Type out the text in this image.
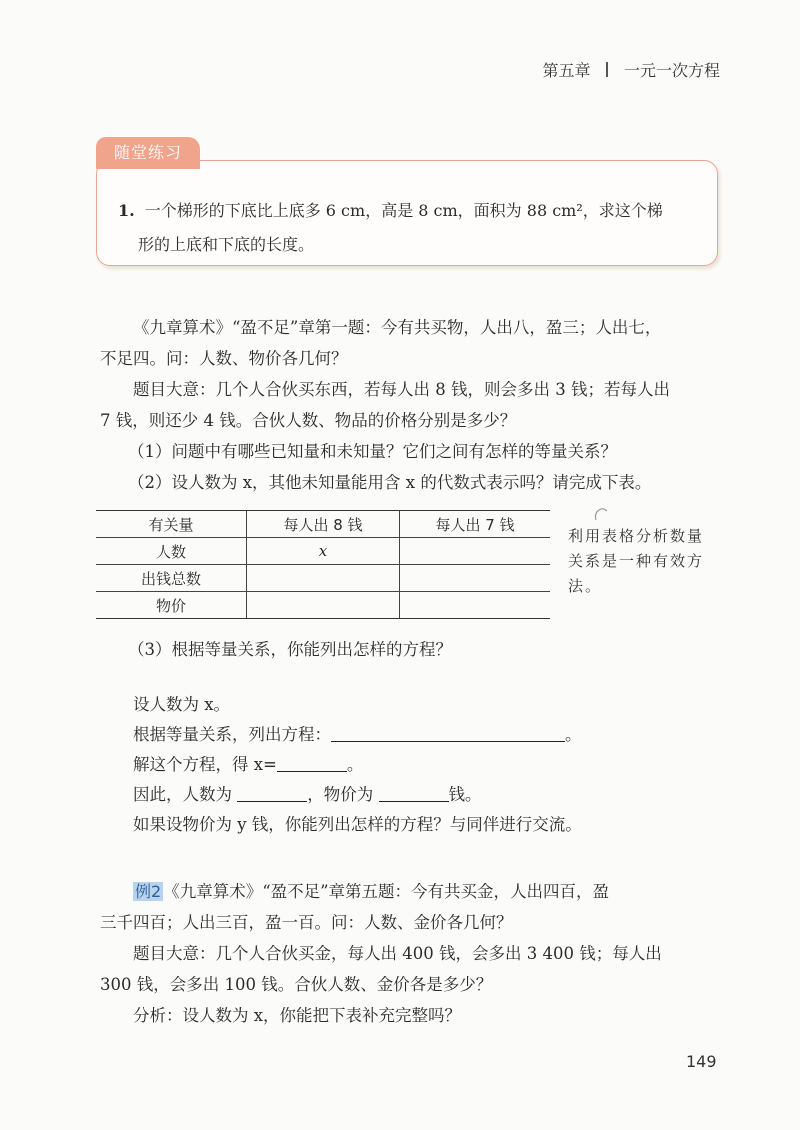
第五章 一元一次方程
随堂练习
1. 一个梯形的下底比上底多 6 cm，高是 8 cm，面积为 88 cm²，求这个梯
形的上底和下底的长度。
《九章算术》“盈不足”章第一题：今有共买物，人出八，盈三；人出七，
不足四。问：人数、物价各几何？
题目大意：几个人合伙买东西，若每人出 8 钱，则会多出 3 钱；若每人出
7 钱，则还少 4 钱。合伙人数、物品的价格分别是多少？
（1）问题中有哪些已知量和未知量？它们之间有怎样的等量关系？
（2）设人数为 x，其他未知量能用含 x 的代数式表示吗？请完成下表。
有关量	每人出 8 钱	每人出 7 钱
人数	x	
出钱总数		
物价		
利用表格分析数量关系是一种有效方法。
（3）根据等量关系，你能列出怎样的方程？
设人数为 x。
根据等量关系，列出方程：	。
解这个方程，得 x=	。
因此，人数为	，物价为	钱。
如果设物价为 y 钱，你能列出怎样的方程？与同伴进行交流。
例2 《九章算术》“盈不足”章第五题：今有共买金，人出四百，盈
三千四百；人出三百，盈一百。问：人数、金价各几何？
题目大意：几个人合伙买金，每人出 400 钱，会多出 3 400 钱；每人出
300 钱，会多出 100 钱。合伙人数、金价各是多少？
分析：设人数为 x，你能把下表补充完整吗？
149
